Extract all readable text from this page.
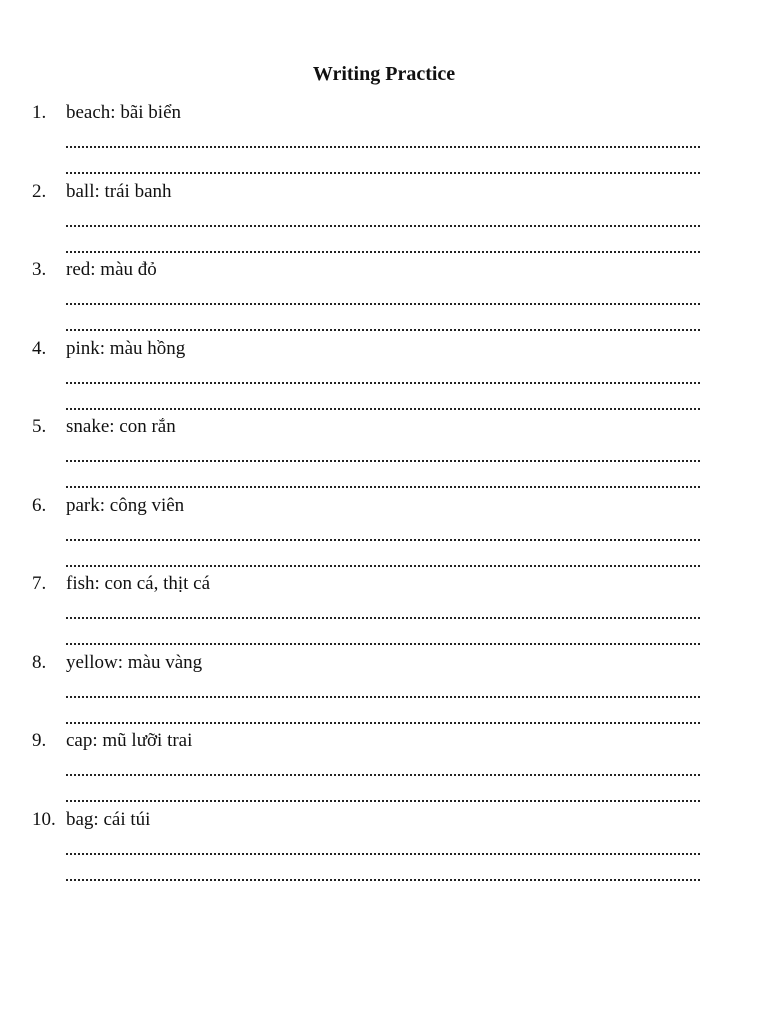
Writing Practice
1.	beach: bãi biển
2.	ball: trái banh
3.	red: màu đỏ
4.	pink: màu hồng
5.	snake: con rắn
6.	park: công viên
7.	fish: con cá, thịt cá
8.	yellow: màu vàng
9.	cap: mũ lưỡi trai
10. bag: cái túi
